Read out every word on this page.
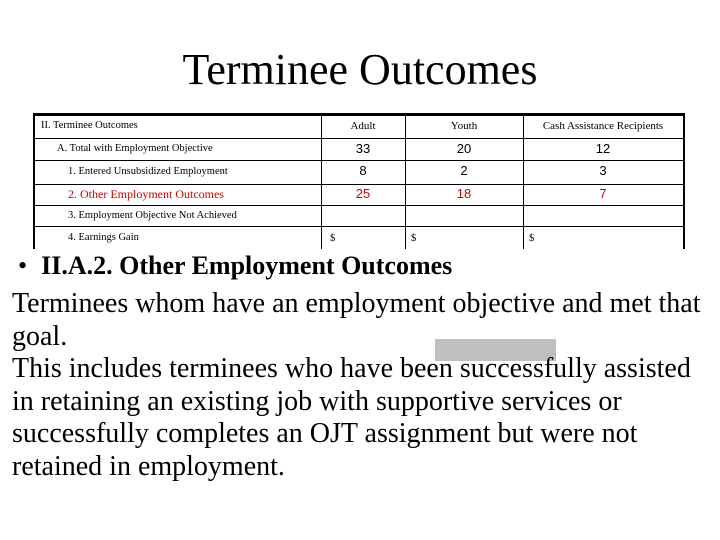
Terminee Outcomes
II. Terminee Outcomes	Adult	Youth	Cash Assistance Recipients
A. Total with Employment Objective	33	20	12
1. Entered Unsubsidized Employment	8	2	3
2. Other Employment Outcomes	25	18	7
3. Employment Objective Not Achieved
4. Earnings Gain	$	$	$
• II.A.2. Other Employment Outcomes

Terminees whom have an employment objective and met that goal.

This includes terminees who have been successfully assisted in retaining an existing job with supportive services or successfully completes an OJT assignment but were not retained in employment.
